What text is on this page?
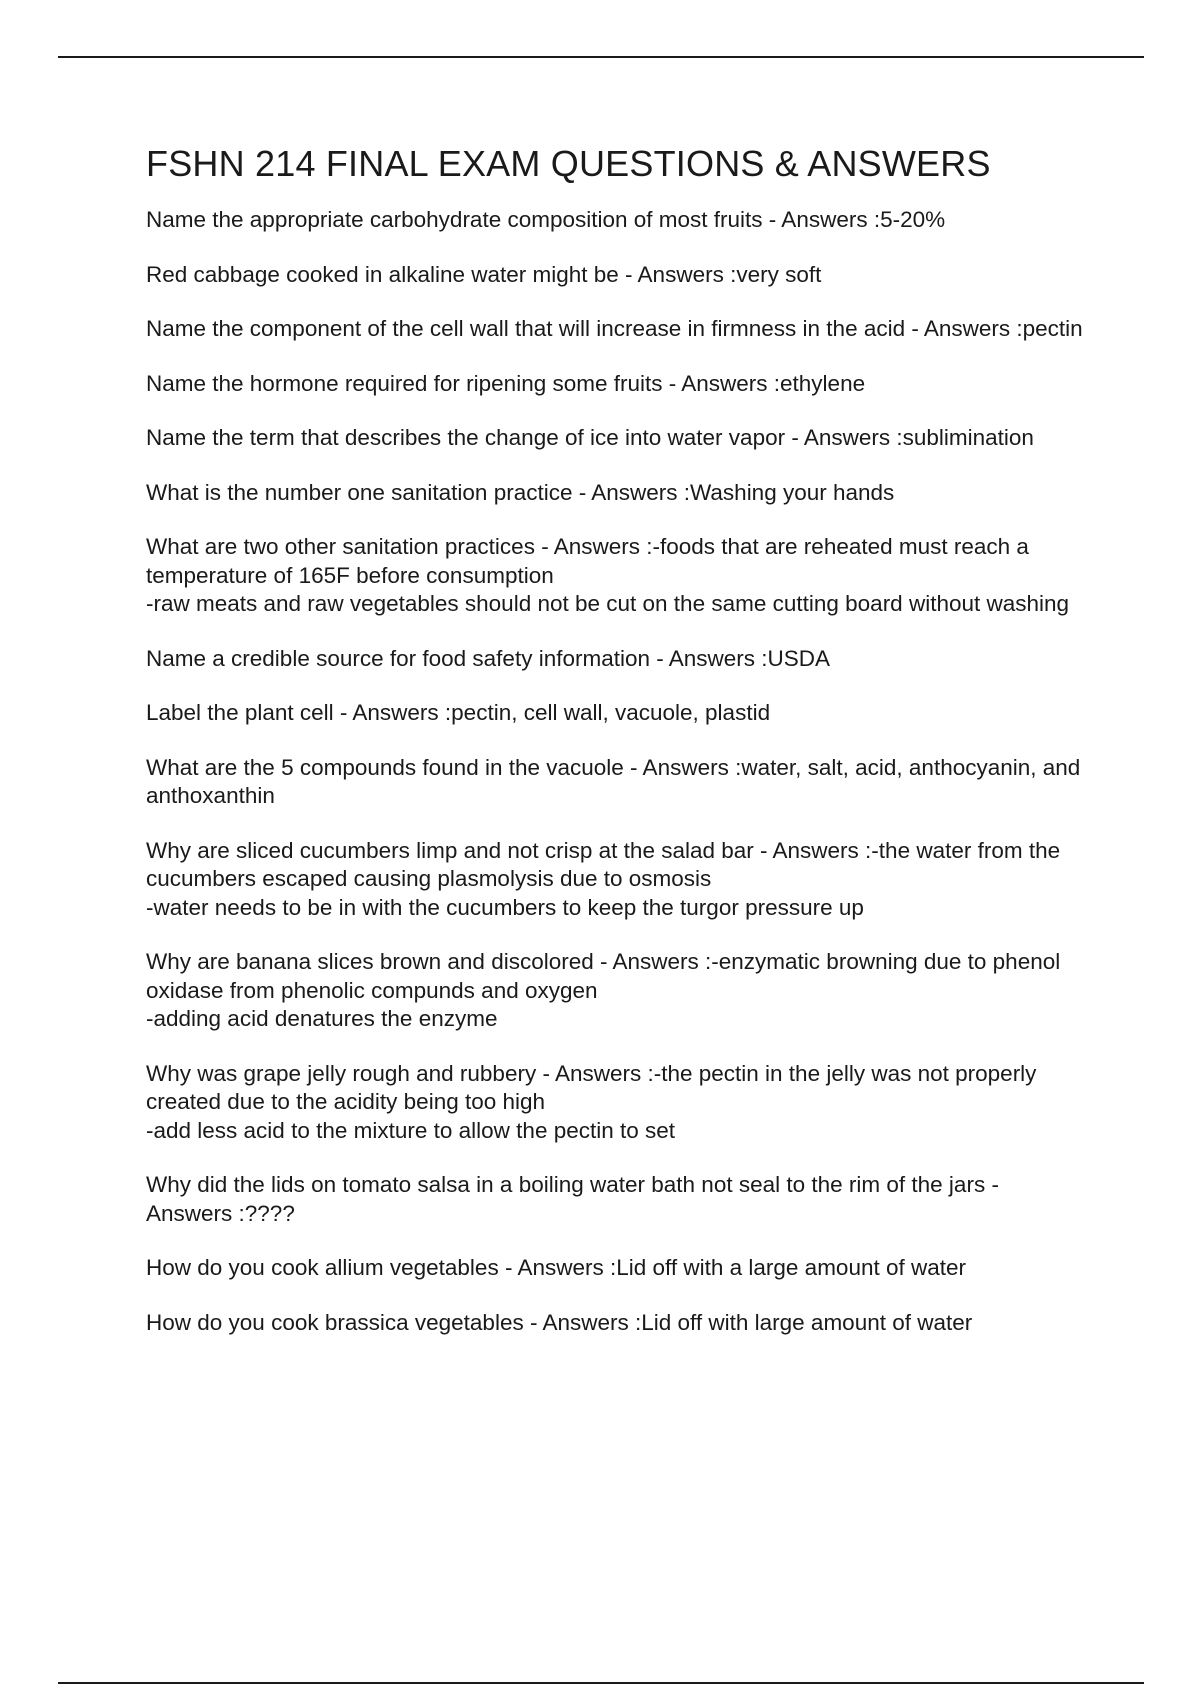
FSHN 214 FINAL EXAM QUESTIONS & ANSWERS

Name the appropriate carbohydrate composition of most fruits - Answers :5-20%

Red cabbage cooked in alkaline water might be - Answers :very soft

Name the component of the cell wall that will increase in firmness in the acid - Answers :pectin

Name the hormone required for ripening some fruits - Answers :ethylene

Name the term that describes the change of ice into water vapor - Answers :sublimination

What is the number one sanitation practice - Answers :Washing your hands

What are two other sanitation practices - Answers :-foods that are reheated must reach a temperature of 165F before consumption
-raw meats and raw vegetables should not be cut on the same cutting board without washing

Name a credible source for food safety information - Answers :USDA

Label the plant cell - Answers :pectin, cell wall, vacuole, plastid

What are the 5 compounds found in the vacuole - Answers :water, salt, acid, anthocyanin, and anthoxanthin

Why are sliced cucumbers limp and not crisp at the salad bar - Answers :-the water from the cucumbers escaped causing plasmolysis due to osmosis
-water needs to be in with the cucumbers to keep the turgor pressure up

Why are banana slices brown and discolored - Answers :-enzymatic browning due to phenol oxidase from phenolic compunds and oxygen
-adding acid denatures the enzyme

Why was grape jelly rough and rubbery - Answers :-the pectin in the jelly was not properly created due to the acidity being too high
-add less acid to the mixture to allow the pectin to set

Why did the lids on tomato salsa in a boiling water bath not seal to the rim of the jars - Answers :????

How do you cook allium vegetables - Answers :Lid off with a large amount of water

How do you cook brassica vegetables - Answers :Lid off with large amount of water
